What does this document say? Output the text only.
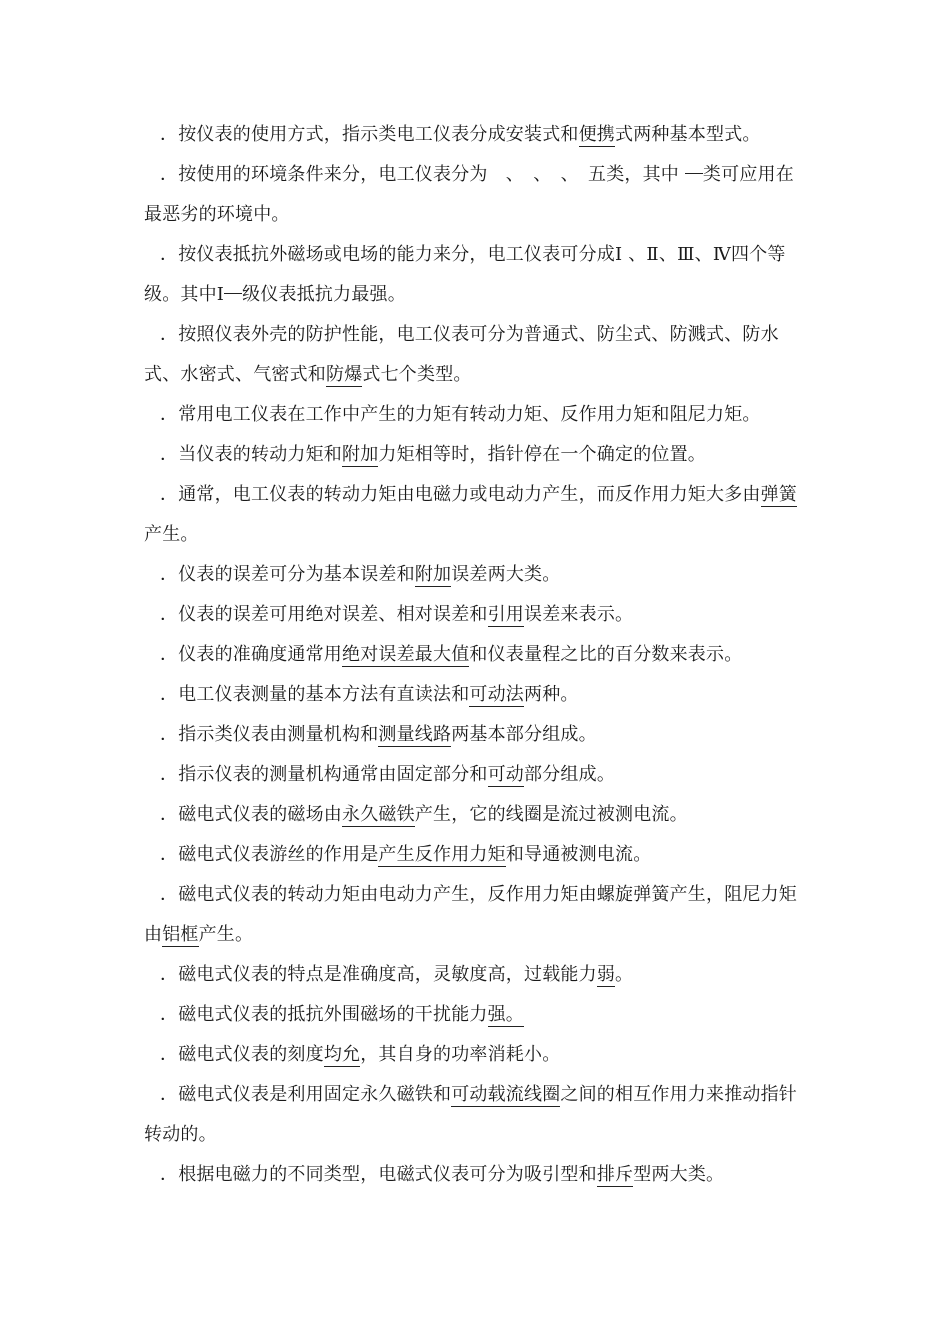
．按仪表的使用方式，指示类电工仪表分成安装式和便携式两种基本型式。

．按使用的环境条件来分，电工仪表分为　、　、　、　五类，其中 　类可应用在最恶劣的环境中。

．按仪表抵抗外磁场或电场的能力来分，电工仪表可分成Ⅰ 、Ⅱ、Ⅲ、Ⅳ四个等级。其中Ⅰ　 级仪表抵抗力最强。

．按照仪表外壳的防护性能，电工仪表可分为普通式、防尘式、防溅式、防水式、水密式、气密式和防爆式七个类型。

．常用电工仪表在工作中产生的力矩有转动力矩、反作用力矩和阻尼力矩。

．当仪表的转动力矩和附加力矩相等时，指针停在一个确定的位置。

．通常，电工仪表的转动力矩由电磁力或电动力产生，而反作用力矩大多由弹簧产生。

．仪表的误差可分为基本误差和附加误差两大类。

．仪表的误差可用绝对误差、相对误差和引用误差来表示。

．仪表的准确度通常用绝对误差最大值和仪表量程之比的百分数来表示。

．电工仪表测量的基本方法有直读法和可动法两种。

．指示类仪表由测量机构和测量线路两基本部分组成。

．指示仪表的测量机构通常由固定部分和可动部分组成。

．磁电式仪表的磁场由永久磁铁产生，它的线圈是流过被测电流。

．磁电式仪表游丝的作用是产生反作用力矩和导通被测电流。

．磁电式仪表的转动力矩由电动力产生，反作用力矩由螺旋弹簧产生，阻尼力矩由铝框产生。

．磁电式仪表的特点是准确度高，灵敏度高，过载能力弱。

．磁电式仪表的抵抗外围磁场的干扰能力强。

．磁电式仪表的刻度均允，其自身的功率消耗小。

．磁电式仪表是利用固定永久磁铁和可动载流线圈之间的相互作用力来推动指针转动的。

．根据电磁力的不同类型，电磁式仪表可分为吸引型和排斥型两大类。
